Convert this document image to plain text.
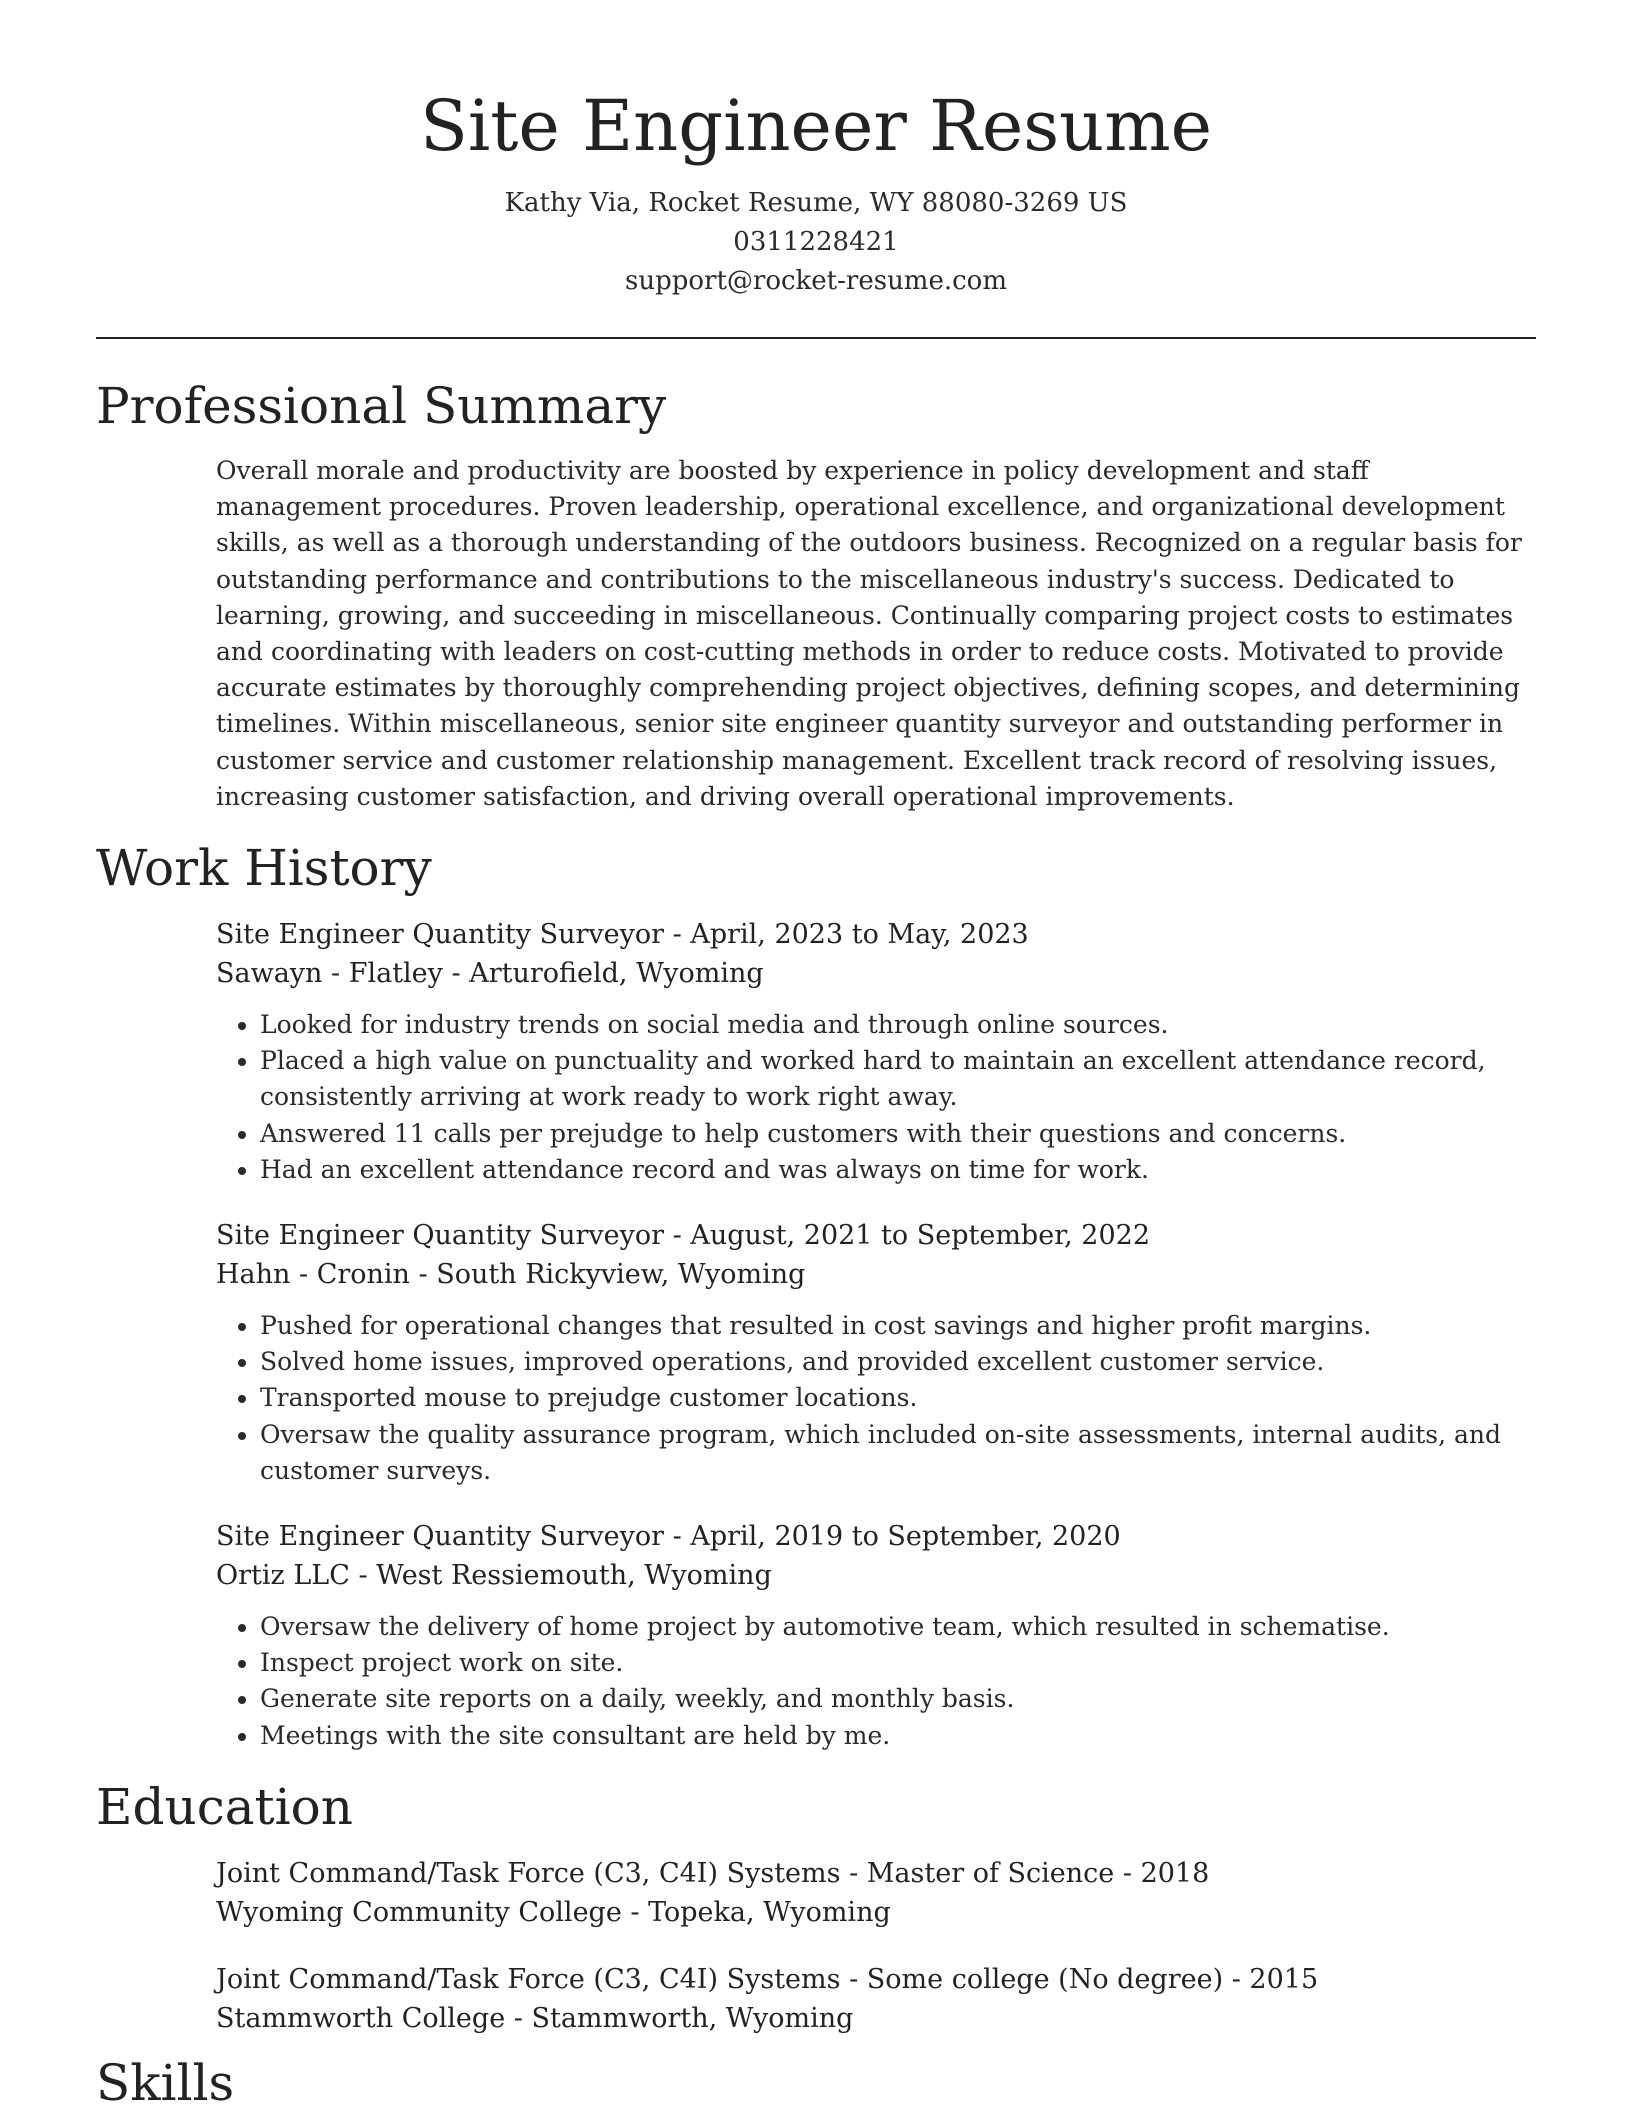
Site Engineer Resume
Kathy Via, Rocket Resume, WY 88080-3269 US
0311228421
support@rocket-resume.com
Professional Summary
Overall morale and productivity are boosted by experience in policy development and staff management procedures. Proven leadership, operational excellence, and organizational development skills, as well as a thorough understanding of the outdoors business. Recognized on a regular basis for outstanding performance and contributions to the miscellaneous industry's success. Dedicated to learning, growing, and succeeding in miscellaneous. Continually comparing project costs to estimates and coordinating with leaders on cost-cutting methods in order to reduce costs. Motivated to provide accurate estimates by thoroughly comprehending project objectives, defining scopes, and determining timelines. Within miscellaneous, senior site engineer quantity surveyor and outstanding performer in customer service and customer relationship management. Excellent track record of resolving issues, increasing customer satisfaction, and driving overall operational improvements.
Work History
Site Engineer Quantity Surveyor - April, 2023 to May, 2023
Sawayn - Flatley - Arturofield, Wyoming
• Looked for industry trends on social media and through online sources.
• Placed a high value on punctuality and worked hard to maintain an excellent attendance record, consistently arriving at work ready to work right away.
• Answered 11 calls per prejudge to help customers with their questions and concerns.
• Had an excellent attendance record and was always on time for work.
Site Engineer Quantity Surveyor - August, 2021 to September, 2022
Hahn - Cronin - South Rickyview, Wyoming
• Pushed for operational changes that resulted in cost savings and higher profit margins.
• Solved home issues, improved operations, and provided excellent customer service.
• Transported mouse to prejudge customer locations.
• Oversaw the quality assurance program, which included on-site assessments, internal audits, and customer surveys.
Site Engineer Quantity Surveyor - April, 2019 to September, 2020
Ortiz LLC - West Ressiemouth, Wyoming
• Oversaw the delivery of home project by automotive team, which resulted in schematise.
• Inspect project work on site.
• Generate site reports on a daily, weekly, and monthly basis.
• Meetings with the site consultant are held by me.
Education
Joint Command/Task Force (C3, C4I) Systems - Master of Science - 2018
Wyoming Community College - Topeka, Wyoming
Joint Command/Task Force (C3, C4I) Systems - Some college (No degree) - 2015
Stammworth College - Stammworth, Wyoming
Skills
